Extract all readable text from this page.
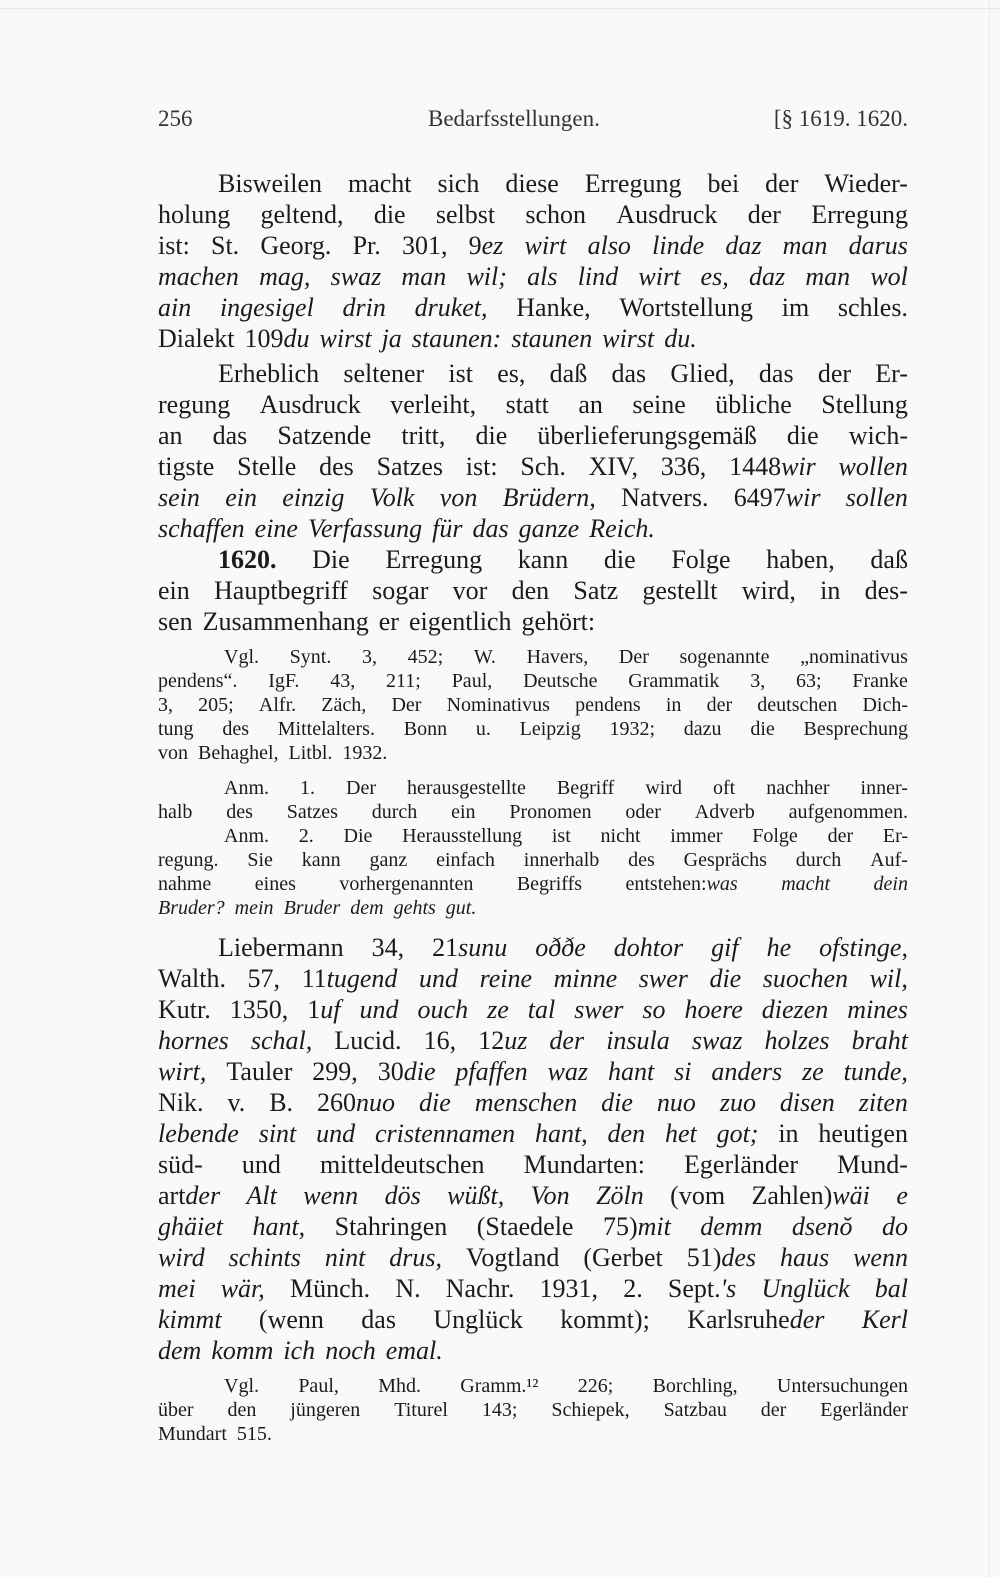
256	Bedarfsstellungen.	[§ 1619. 1620.
Bisweilen macht sich diese Erregung bei der Wieder-
holung geltend, die selbst schon Ausdruck der Erregung
ist: St. Georg. Pr. 301, 9ez wirt also linde daz man darus
machen mag, swaz man wil; als lind wirt es, daz man wol
ain ingesigel drin druket, Hanke, Wortstellung im schles.
Dialekt 109du wirst ja staunen: staunen wirst du.
Erheblich seltener ist es, daß das Glied, das der Er-
regung Ausdruck verleiht, statt an seine übliche Stellung
an das Satzende tritt, die überlieferungsgemäß die wich-
tigste Stelle des Satzes ist: Sch. XIV, 336, 1448wir wollen
sein ein einzig Volk von Brüdern, Natvers. 6497wir sollen
schaffen eine Verfassung für das ganze Reich.
1620. Die Erregung kann die Folge haben, daß
ein Hauptbegriff sogar vor den Satz gestellt wird, in des-
sen Zusammenhang er eigentlich gehört:
Vgl. Synt. 3, 452; W. Havers, Der sogenannte „nominativus
pendens“. IgF. 43, 211; Paul, Deutsche Grammatik 3, 63; Franke
3, 205; Alfr. Zäch, Der Nominativus pendens in der deutschen Dich-
tung des Mittelalters. Bonn u. Leipzig 1932; dazu die Besprechung
von Behaghel, Litbl. 1932.
Anm. 1. Der herausgestellte Begriff wird oft nachher inner-
halb des Satzes durch ein Pronomen oder Adverb aufgenommen.
Anm. 2. Die Herausstellung ist nicht immer Folge der Er-
regung. Sie kann ganz einfach innerhalb des Gesprächs durch Auf-
nahme eines vorhergenannten Begriffs entstehen:was macht dein
Bruder? mein Bruder dem gehts gut.
Liebermann 34, 21sunu oððe dohtor gif he ofstinge,
Walth. 57, 11tugend und reine minne swer die suochen wil,
Kutr. 1350, 1uf und ouch ze tal swer so hoere diezen mines
hornes schal, Lucid. 16, 12uz der insula swaz holzes braht
wirt, Tauler 299, 30die pfaffen waz hant si anders ze tunde,
Nik. v. B. 260nuo die menschen die nuo zuo disen ziten
lebende sint und cristennamen hant, den het got; in heutigen
süd- und mitteldeutschen Mundarten: Egerländer Mund-
artder Alt wenn dös wüßt, Von Zöln (vom Zahlen)wäi e
ghäiet hant, Stahringen (Staedele 75)mit demm dsenŏ do
wird schints nint drus, Vogtland (Gerbet 51)des haus wenn
mei wär, Münch. N. Nachr. 1931, 2. Sept.'s Unglück bal
kimmt (wenn das Unglück kommt); Karlsruheder Kerl
dem komm ich noch emal.
Vgl. Paul, Mhd. Gramm.¹² 226; Borchling, Untersuchungen
über den jüngeren Titurel 143; Schiepek, Satzbau der Egerländer
Mundart 515.
